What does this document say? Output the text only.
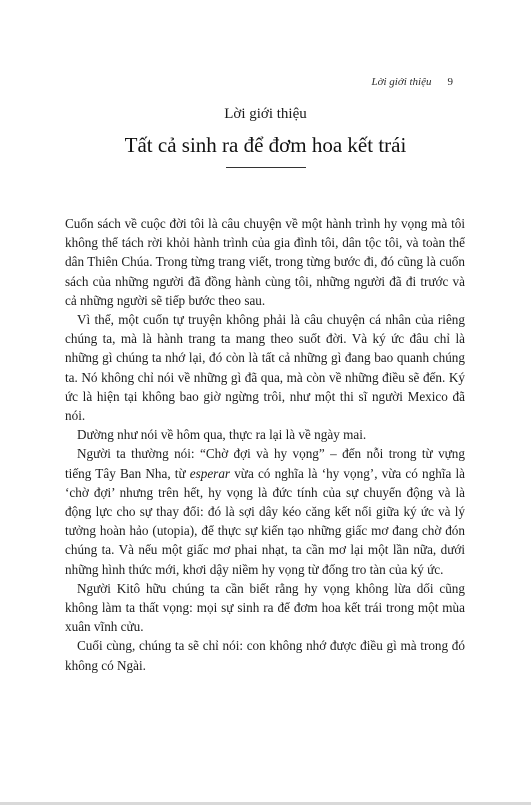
Lời giới thiệu 9
Lời giới thiệu
Tất cả sinh ra để đơm hoa kết trái

Cuốn sách về cuộc đời tôi là câu chuyện về một hành trình hy vọng mà tôi không thể tách rời khỏi hành trình của gia đình tôi, dân tộc tôi, và toàn thể dân Thiên Chúa. Trong từng trang viết, trong từng bước đi, đó cũng là cuốn sách của những người đã đồng hành cùng tôi, những người đã đi trước và cả những người sẽ tiếp bước theo sau.

Vì thế, một cuốn tự truyện không phải là câu chuyện cá nhân của riêng chúng ta, mà là hành trang ta mang theo suốt đời. Và ký ức đâu chỉ là những gì chúng ta nhớ lại, đó còn là tất cả những gì đang bao quanh chúng ta. Nó không chỉ nói về những gì đã qua, mà còn về những điều sẽ đến. Ký ức là hiện tại không bao giờ ngừng trôi, như một thi sĩ người Mexico đã nói.

Dường như nói về hôm qua, thực ra lại là về ngày mai.

Người ta thường nói: “Chờ đợi và hy vọng” – đến nỗi trong từ vựng tiếng Tây Ban Nha, từ esperar vừa có nghĩa là ‘hy vọng’, vừa có nghĩa là ‘chờ đợi’ nhưng trên hết, hy vọng là đức tính của sự chuyển động và là động lực cho sự thay đổi: đó là sợi dây kéo căng kết nối giữa ký ức và lý tưởng hoàn hảo (utopia), để thực sự kiến tạo những giấc mơ đang chờ đón chúng ta. Và nếu một giấc mơ phai nhạt, ta cần mơ lại một lần nữa, dưới những hình thức mới, khơi dậy niềm hy vọng từ đống tro tàn của ký ức.

Người Kitô hữu chúng ta cần biết rằng hy vọng không lừa dối cũng không làm ta thất vọng: mọi sự sinh ra để đơm hoa kết trái trong một mùa xuân vĩnh cửu.

Cuối cùng, chúng ta sẽ chỉ nói: con không nhớ được điều gì mà trong đó không có Ngài.
